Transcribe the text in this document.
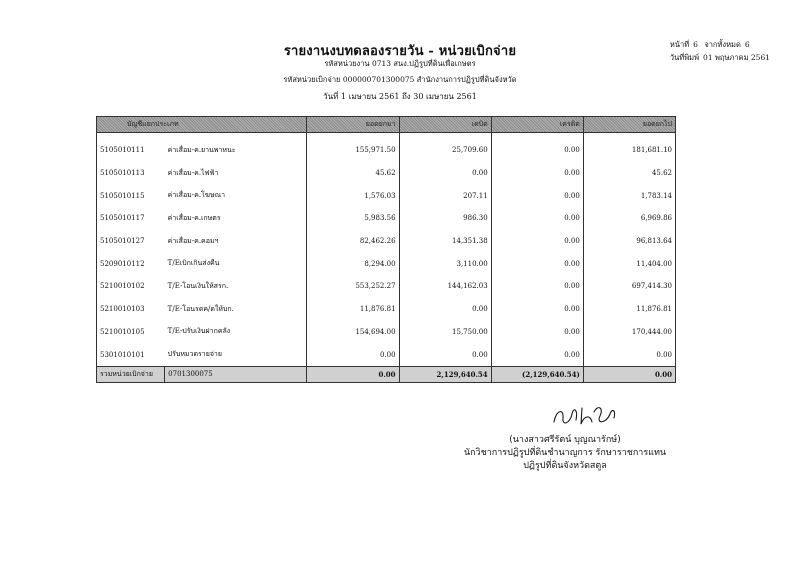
รายงานงบทดลองรายวัน - หน่วยเบิกจ่าย
รหัสหน่วยงาน 0713 สนง.ปฏิรูปที่ดินเพื่อเกษตร
รหัสหน่วยเบิกจ่าย 000000701300075 สำนักงานการปฏิรูปที่ดินจังหวัด
วันที่ 1 เมษายน 2561 ถึง 30 เมษายน 2561
หน้าที่ 6 จากทั้งหมด 6
วันที่พิมพ์ 01 พฤษภาคม 2561
บัญชีแยกประเภท		ยอดยกมา	เดบิต	เครดิต	ยอดยกไป
5105010111	ค่าเสื่อม-ค.ยานพาหนะ	155,971.50	25,709.60	0.00	181,681.10
5105010113	ค่าเสื่อม-ค.ไฟฟ้า	45.62	0.00	0.00	45.62
5105010115	ค่าเสื่อม-ค.โฆษณา	1,576.03	207.11	0.00	1,783.14
5105010117	ค่าเสื่อม-ค.เกษตร	5,983.56	986.30	0.00	6,969.86
5105010127	ค่าเสื่อม-ค.คอมฯ	82,462.26	14,351.38	0.00	96,813.64
5209010112	T/Eเบิกเกินส่งคืน	8,294.00	3,110.00	0.00	11,404.00
5210010102	T/E-โอนเงินให้สรก.	553,252.27	144,162.03	0.00	697,414.30
5210010103	T/E-โอนรดค/ดให้บก.	11,876.81	0.00	0.00	11,876.81
5210010105	T/E-ปรับเงินฝากคลัง	154,694.00	15,750.00	0.00	170,444.00
5301010101	ปรับหมวดรายจ่าย	0.00	0.00	0.00	0.00
รวมหน่วยเบิกจ่าย	0701300075	0.00	2,129,640.54	(2,129,640.54)	0.00
(นางสาวศรีรัตน์ บุญณารักษ์)
นักวิชาการปฏิรูปที่ดินชำนาญการ รักษาราชการแทน
ปฏิรูปที่ดินจังหวัดสตูล
